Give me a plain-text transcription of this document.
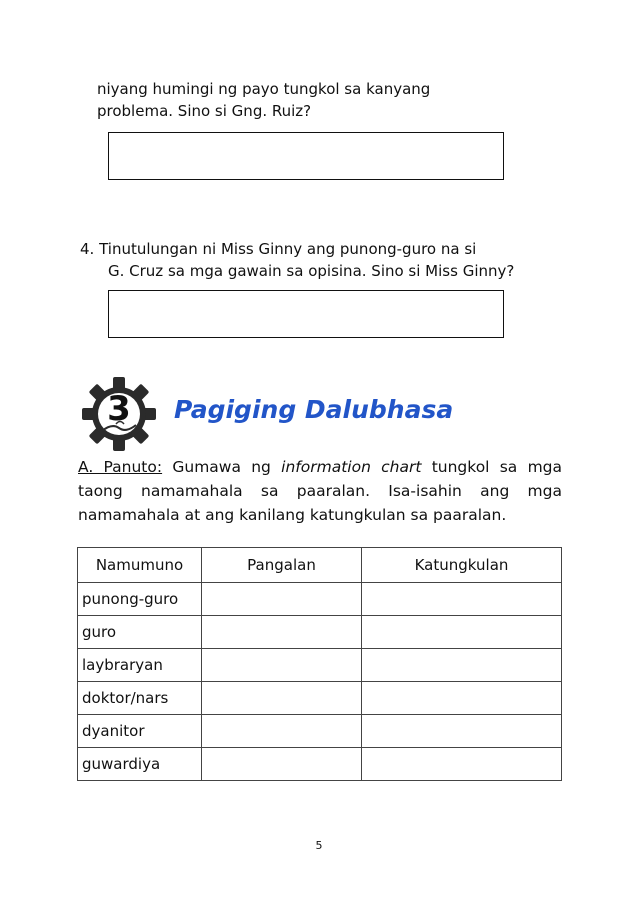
niyang humingi ng payo tungkol sa kanyang
problema. Sino si Gng. Ruiz?
4. Tinutulungan ni Miss Ginny ang punong-guro na si
G. Cruz sa mga gawain sa opisina. Sino si Miss Ginny?
3	Pagiging Dalubhasa
A. Panuto: Gumawa ng information chart tungkol sa mga
taong namamahala sa paaralan. Isa-isahin ang mga
namamahala at ang kanilang katungkulan sa paaralan.
Namumuno	Pangalan	Katungkulan
punong-guro		
guro		
laybraryan		
doktor/nars		
dyanitor		
guwardiya		
5
